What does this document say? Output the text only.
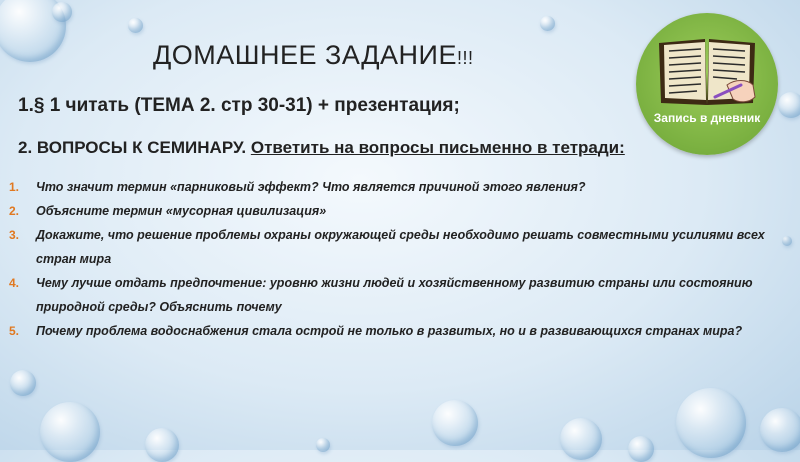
ДОМАШНЕЕ ЗАДАНИЕ!!!
1.§ 1 читать (ТЕМА 2. стр 30-31) + презентация;
2. ВОПРОСЫ К СЕМИНАРУ. Ответить на вопросы письменно в тетради:
1. Что значит термин «парниковый эффект? Что является причиной этого явления?
2. Объясните термин «мусорная цивилизация»
3. Докажите, что решение проблемы охраны окружающей среды необходимо решать совместными усилиями всех стран мира
4. Чему лучше отдать предпочтение: уровню жизни людей и хозяйственному развитию страны или состоянию природной среды? Объяснить почему
5. Почему проблема водоснабжения стала острой не только в развитых, но и в развивающихся странах мира?
Запись в дневник
